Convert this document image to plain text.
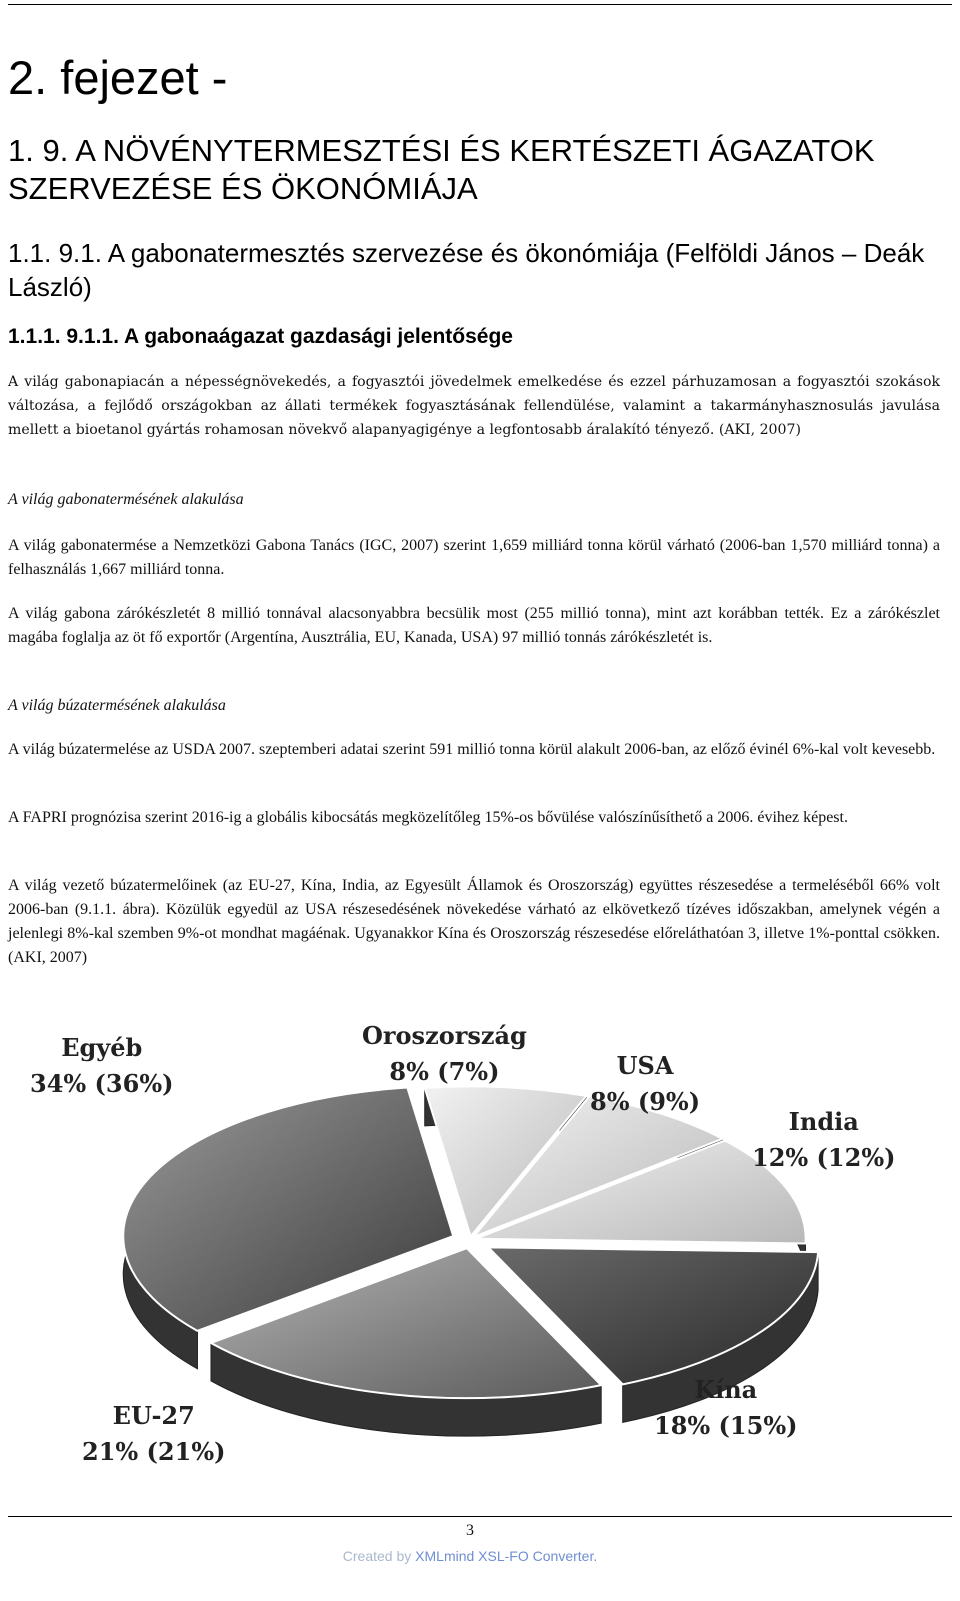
2. fejezet -
1. 9. A NÖVÉNYTERMESZTÉSI ÉS KERTÉSZETI ÁGAZATOK SZERVEZÉSE ÉS ÖKONÓMIÁJA
1.1. 9.1. A gabonatermesztés szervezése és ökonómiája (Felföldi János – Deák László)
1.1.1. 9.1.1. A gabonaágazat gazdasági jelentősége
A világ gabonapiacán a népességnövekedés, a fogyasztói jövedelmek emelkedése és ezzel párhuzamosan a fogyasztói szokások változása, a fejlődő országokban az állati termékek fogyasztásának fellendülése, valamint a takarmányhasznosulás javulása mellett a bioetanol gyártás rohamosan növekvő alapanyagigénye a legfontosabb áralakító tényező. (AKI, 2007)
A világ gabonatermésének alakulása
A világ gabonatermése a Nemzetközi Gabona Tanács (IGC, 2007) szerint 1,659 milliárd tonna körül várható (2006-ban 1,570 milliárd tonna) a felhasználás 1,667 milliárd tonna.
A világ gabona zárókészletét 8 millió tonnával alacsonyabbra becsülik most (255 millió tonna), mint azt korábban tették. Ez a zárókészlet magába foglalja az öt fő exportőr (Argentína, Ausztrália, EU, Kanada, USA) 97 millió tonnás zárókészletét is.
A világ búzatermésének alakulása
A világ búzatermelése az USDA 2007. szeptemberi adatai szerint 591 millió tonna körül alakult 2006-ban, az előző évinél 6%-kal volt kevesebb.
A FAPRI prognózisa szerint 2016-ig a globális kibocsátás megközelítőleg 15%-os bővülése valószínűsíthető a 2006. évihez képest.
A világ vezető búzatermelőinek (az EU-27, Kína, India, az Egyesült Államok és Oroszország) együttes részesedése a termeléséből 66% volt 2006-ban (9.1.1. ábra). Közülük egyedül az USA részesedésének növekedése várható az elkövetkező tízéves időszakban, amelynek végén a jelenlegi 8%-kal szemben 9%-ot mondhat magáénak. Ugyanakkor Kína és Oroszország részesedése előreláthatóan 3, illetve 1%-ponttal csökken. (AKI, 2007)
Egyéb
34% (36%)
Oroszország
8% (7%)	USA
8% (9%)
India
12% (12%)
Kína
18% (15%)
EU-27
21% (21%)
3
Created by XMLmind XSL-FO Converter.
